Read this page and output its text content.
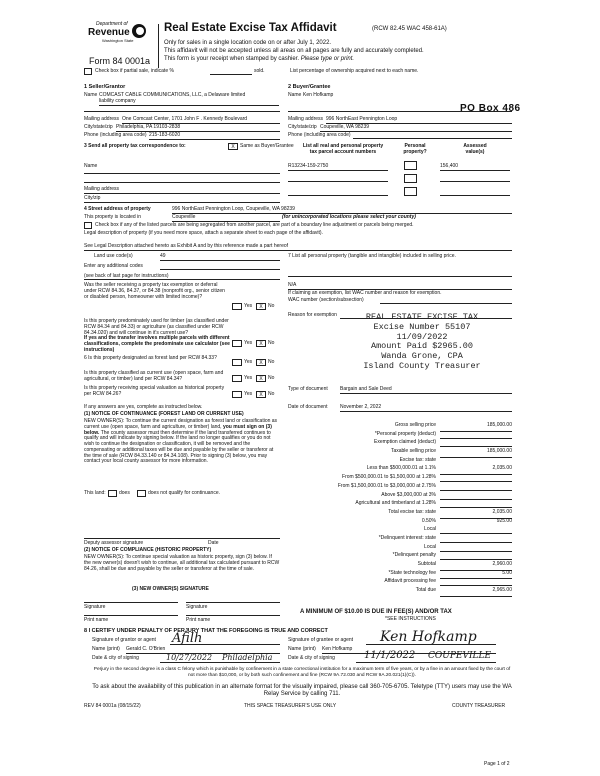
Department of
Revenue
Washington State
Form 84 0001a
Real Estate Excise Tax Affidavit	(RCW 82.45 WAC 458-61A)
Only for sales in a single location code on or after July 1, 2022.
This affidavit will not be accepted unless all areas on all pages are fully and accurately completed.
This form is your receipt when stamped by cashier. Please type or print.
Check box if partial sale, indicate %	sold.	List percentage of ownership acquired next to each name.
1 Seller/Grantor
Name COMCAST CABLE COMMUNICATIONS, LLC, a Delaware limited
liability company
Mailing address One Comcast Center, 1701 John F . Kennedy Boulevard
City/state/zip Philadelphia, PA 19103-2838
Phone (including area code) 215-183-6020
2 Buyer/Grantee
Name Ken Hofkamp
PO Box 486
Mailing address 996 NorthEast Pennington Loop
City/state/zip Coupeville, WA 98239
Phone (including area code)
3 Send all property tax correspondence to:	X	Same as Buyer/Grantee
Name
Mailing address
City/zip
List all real and personal property
tax parcel account numbers
Personal
property?
Assessed
value(s)
R13234-159-2750	156,400
4 Street address of property	996 NorthEast Pennington Loop, Coupeville, WA 98239
This property is located in	Coupeville	(for unincorporated locations please select your county)
Check box if any of the listed parcels are being segregated from another parcel, are part of a boundary line adjustment or parcels being merged.
Legal description of property (if you need more space, attach a separate sheet to each page of the affidavit).
See Legal Description attached hereto as Exhibit A and by this reference made a part hereof
Land use code(s)	49
Enter any additional codes
(see back of last page for instructions)
Was the seller receiving a property tax exemption or deferral under RCW 84.36, 84.37, or 84.38 (nonprofit org., senior citizen or disabled person, homeowner with limited income)?
Yes	X	No
Is this property predominately used for timber (as classified under RCW 84.34 and 84.33) or agriculture (as classified under RCW 84.34.020) and will continue in it's current use?
If yes and the transfer involves multiple parcels with different classifications, complete the predominate use calculator (see instructions)
Yes	X	No
6 Is this property designated as forest land per RCW 84.33?
Yes	X	No
Is this property classified as current use (open space, farm and agricultural, or timber) land per RCW 84.34?	Yes	X	No
Is this property receiving special valuation as historical property per RCW 84.26?	Yes	X	No
If any answers are yes, complete as instructed below.
(1) NOTICE OF CONTINUANCE (FOREST LAND OR CURRENT USE)
NEW OWNER(S): To continue the current designation as forest land or classification as current use (open space, farm and agriculture, or timber) land, you must sign on (3) below. The county assessor must then determine if the land transferred continues to qualify and will indicate by signing below. If the land no longer qualifies or you do not wish to continue the designation or classification, it will be removed and the compensating or additional taxes will be due and payable by the seller or transferor at the time of sale (RCW 84.33.140 or 84.34.108). Prior to signing (3) below, you may contact your local county assessor for more information.
This land:	does	does not qualify for continuance.
Deputy assessor signature	Date
(2) NOTICE OF COMPLIANCE (HISTORIC PROPERTY)
NEW OWNER(S): To continue special valuation as historic property, sign (3) below. If the new owner(s) doesn't wish to continue, all additional tax calculated pursuant to RCW 84.26, shall be due and payable by the seller or transferor at the time of sale.
(3) NEW OWNER(S) SIGNATURE
Signature	Signature
Print name	Print name
7 List all personal property (tangible and intangible) included in selling price.
N/A
If claiming an exemption, list WAC number and reason for exemption.
WAC number (section/subsection)
Reason for exemption	REAL ESTATE EXCISE TAX
Excise Number 55107
11/09/2022
Amount Paid $2965.00
Wanda Grone, CPA
Island County Treasurer
Type of document Bargain and Sale Deed
Date of document	November 2, 2022
Gross selling price	185,000.00
*Personal property (deduct)
Exemption claimed (deduct)
Taxable selling price	185,000.00
Excise tax: state
Less than $500,000.01 at 1.1%	2,035.00
From $500,000.01 to $1,500,000 at 1.28%
From $1,500,000.01 to $3,000,000 at 2.75%
Above $3,000,000 at 3%
Agricultural and timberland at 1.28%
Total excise tax: state	2,035.00
0.50%	925.00
Local
*Delinquent interest: state
Local
*Delinquent penalty
Subtotal	2,960.00
*State technology fee	5.00
Affidavit processing fee
Total due	2,965.00
A MINIMUM OF $10.00 IS DUE IN FEE(S) AND/OR TAX
*SEE INSTRUCTIONS
8 I CERTIFY UNDER PENALTY OF PERJURY THAT THE FOREGOING IS TRUE AND CORRECT
Signature of grantor or agent Afilh
Name (print) Gerald C. O'Brien
Date & city of signing	10/27/2022 Philadelphia
Signature of grantee or agent Ken Hofkamp
Name (print) Ken Hofkamp
Date & city of signing	11/1/2022 COUPEVILLE
Perjury in the second degree is a class C felony which is punishable by confinement in a state correctional institution for a maximum term of five years, or by a fine in an amount fixed by the court of not more than $10,000, or by both such confinement and fine (RCW 9A.72.030 and RCW 9A.20.021(1)(C)).
To ask about the availability of this publication in an alternate format for the visually impaired, please call 360-705-6705. Teletype (TTY) users may use the WA Relay Service by calling 711.
REV 84 0001a (08/15/22)	THIS SPACE TREASURER'S USE ONLY	COUNTY TREASURER
Page 1 of 2
